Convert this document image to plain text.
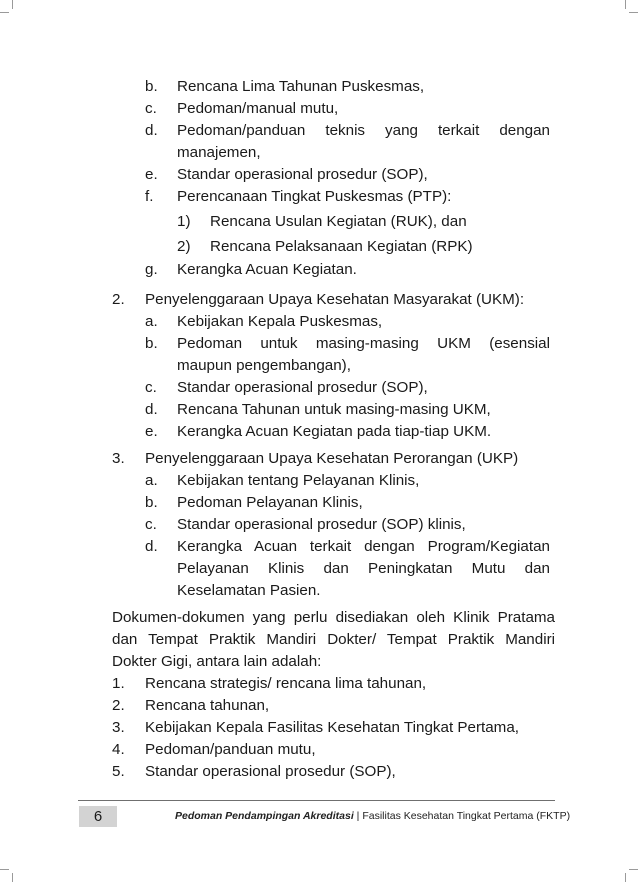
b. Rencana Lima Tahunan Puskesmas,
c. Pedoman/manual mutu,
d. Pedoman/panduan teknis yang terkait dengan
manajemen,
e. Standar operasional prosedur (SOP),
f. Perencanaan Tingkat Puskesmas (PTP):
1) Rencana Usulan Kegiatan (RUK), dan
2) Rencana Pelaksanaan Kegiatan (RPK)
g. Kerangka Acuan Kegiatan.
2. Penyelenggaraan Upaya Kesehatan Masyarakat (UKM):
a. Kebijakan Kepala Puskesmas,
b. Pedoman untuk masing-masing UKM (esensial
maupun pengembangan),
c. Standar operasional prosedur (SOP),
d. Rencana Tahunan untuk masing-masing UKM,
e. Kerangka Acuan Kegiatan pada tiap-tiap UKM.
3. Penyelenggaraan Upaya Kesehatan Perorangan (UKP)
a. Kebijakan tentang Pelayanan Klinis,
b. Pedoman Pelayanan Klinis,
c. Standar operasional prosedur (SOP) klinis,
d. Kerangka Acuan terkait dengan Program/Kegiatan
Pelayanan Klinis dan Peningkatan Mutu dan
Keselamatan Pasien.
Dokumen-dokumen yang perlu disediakan oleh Klinik Pratama
dan Tempat Praktik Mandiri Dokter/ Tempat Praktik Mandiri
Dokter Gigi, antara lain adalah:
1. Rencana strategis/ rencana lima tahunan,
2. Rencana tahunan,
3. Kebijakan Kepala Fasilitas Kesehatan Tingkat Pertama,
4. Pedoman/panduan mutu,
5. Standar operasional prosedur (SOP),
6	Pedoman Pendampingan Akreditasi | Fasilitas Kesehatan Tingkat Pertama (FKTP)
